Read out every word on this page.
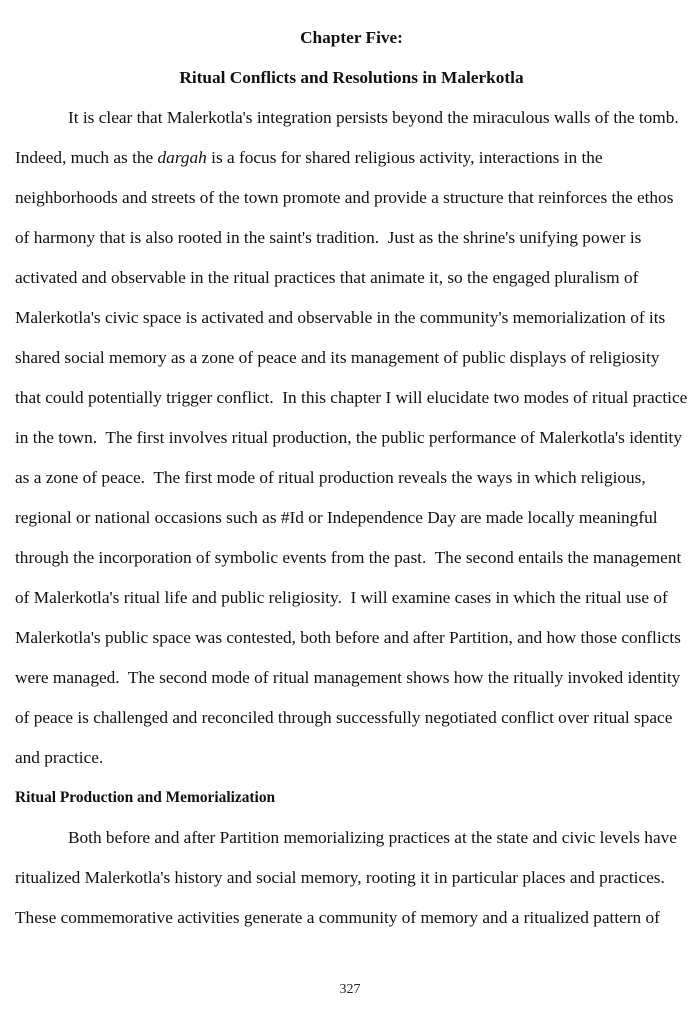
Chapter Five:
Ritual Conflicts and Resolutions in Malerkotla
It is clear that Malerkotla's integration persists beyond the miraculous walls of the tomb.
Indeed, much as the dargah is a focus for shared religious activity, interactions in the
neighborhoods and streets of the town promote and provide a structure that reinforces the ethos
of harmony that is also rooted in the saint's tradition.  Just as the shrine's unifying power is
activated and observable in the ritual practices that animate it, so the engaged pluralism of
Malerkotla's civic space is activated and observable in the community's memorialization of its
shared social memory as a zone of peace and its management of public displays of religiosity
that could potentially trigger conflict.  In this chapter I will elucidate two modes of ritual practice
in the town.  The first involves ritual production, the public performance of Malerkotla's identity
as a zone of peace.  The first mode of ritual production reveals the ways in which religious,
regional or national occasions such as #Id or Independence Day are made locally meaningful
through the incorporation of symbolic events from the past.  The second entails the management
of Malerkotla's ritual life and public religiosity.  I will examine cases in which the ritual use of
Malerkotla's public space was contested, both before and after Partition, and how those conflicts
were managed.  The second mode of ritual management shows how the ritually invoked identity
of peace is challenged and reconciled through successfully negotiated conflict over ritual space
and practice.
Ritual Production and Memorialization
Both before and after Partition memorializing practices at the state and civic levels have
ritualized Malerkotla's history and social memory, rooting it in particular places and practices.
These commemorative activities generate a community of memory and a ritualized pattern of
327
